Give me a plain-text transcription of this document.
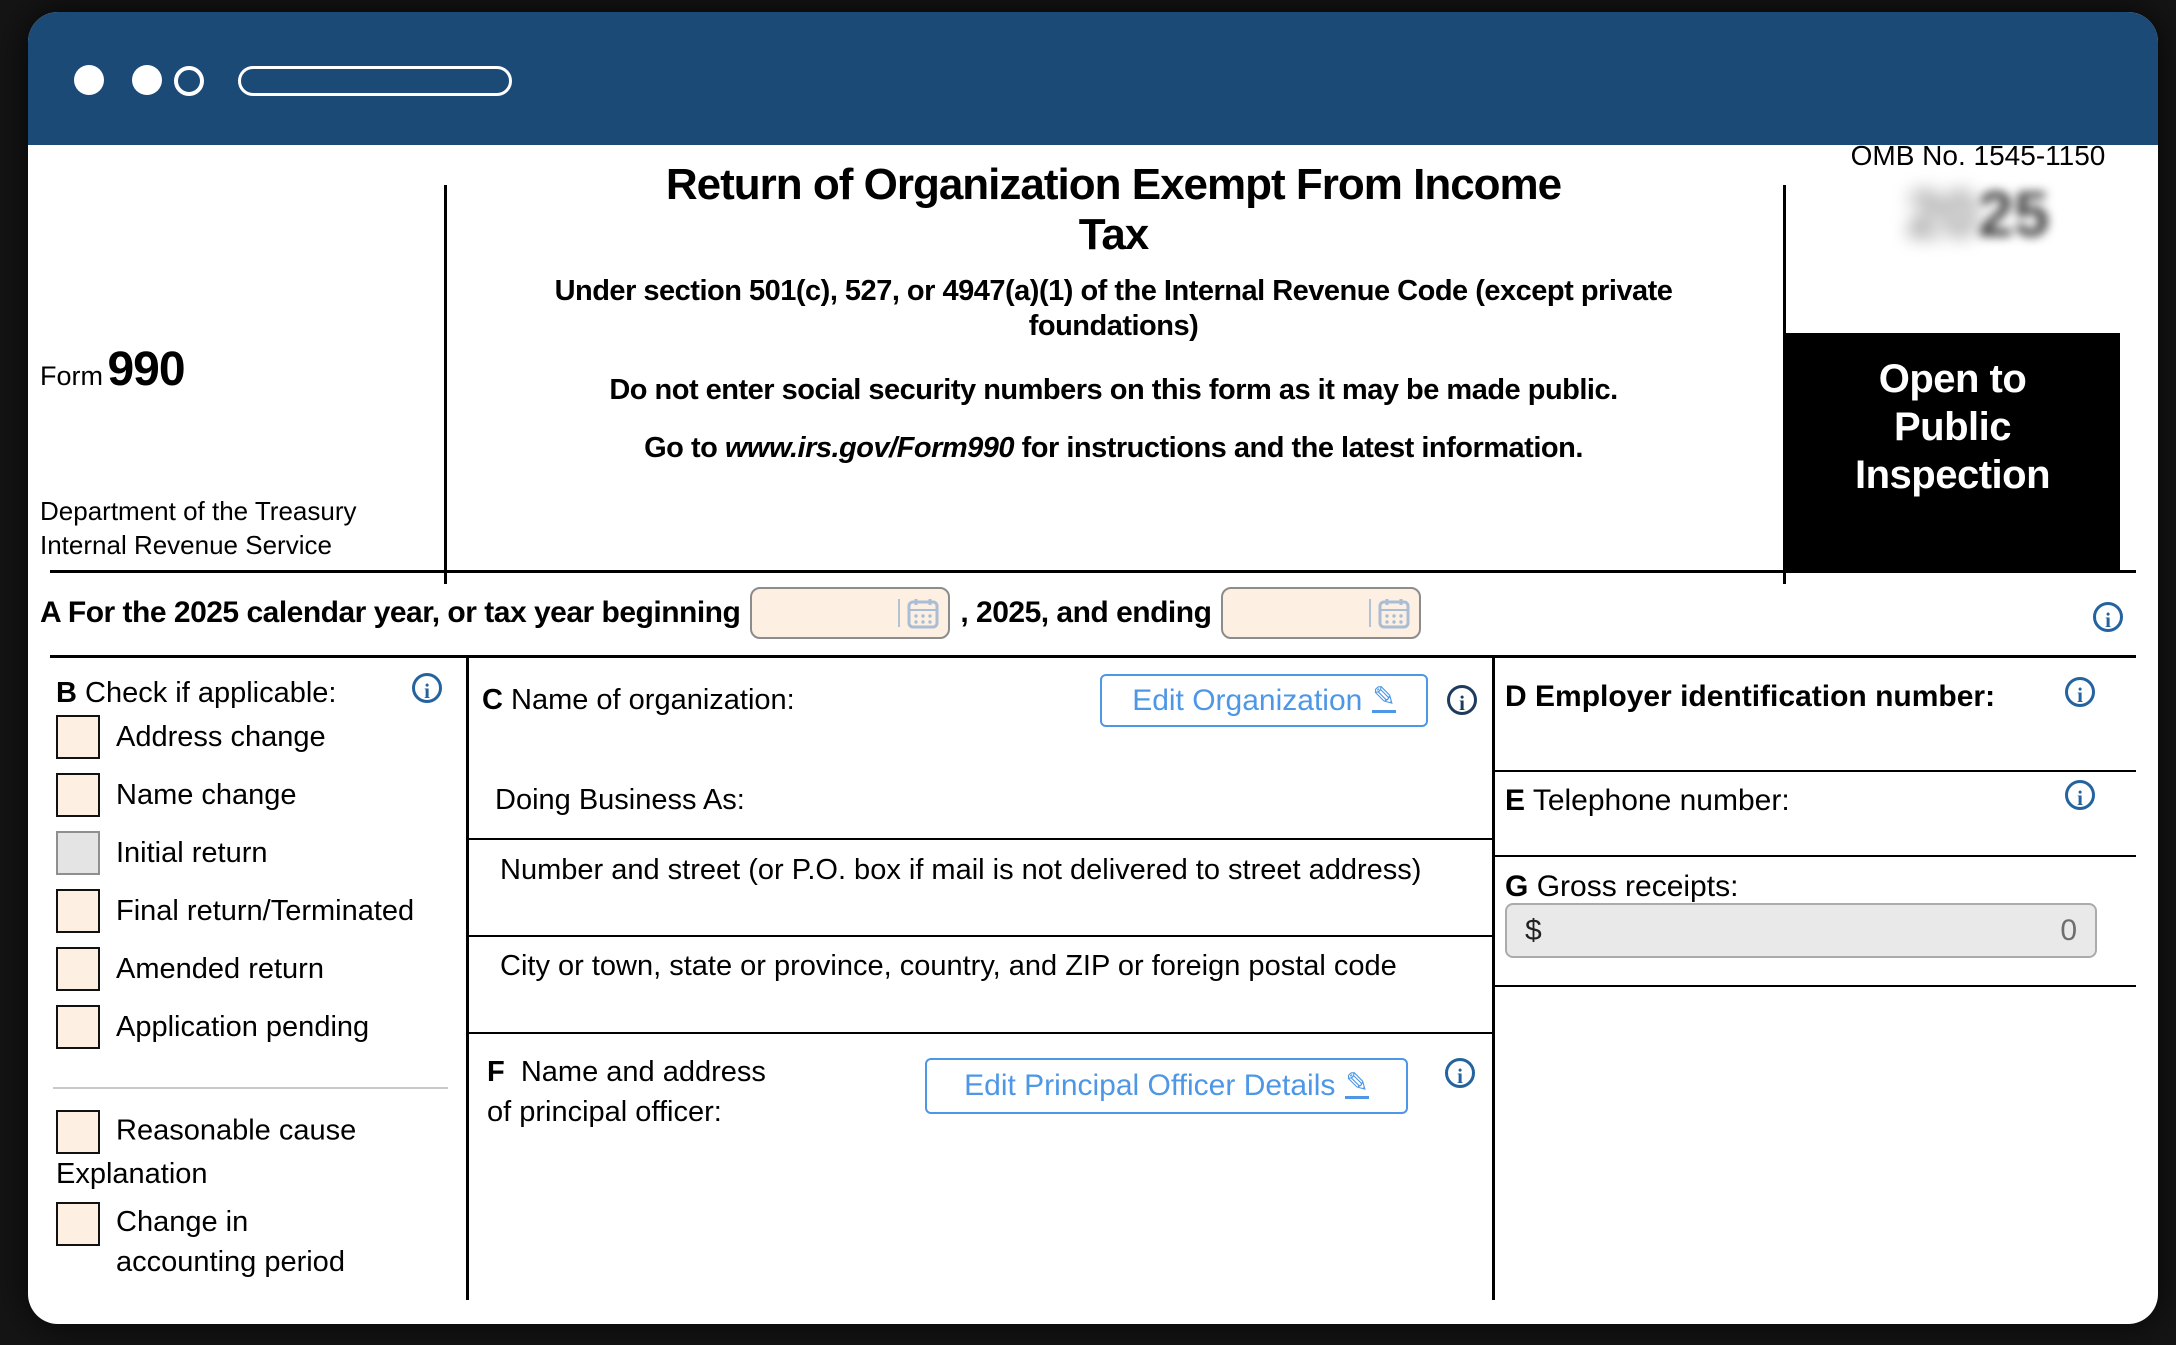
Form 990
Department of the Treasury
Internal Revenue Service
Return of Organization Exempt From Income
Tax
Under section 501(c), 527, or 4947(a)(1) of the Internal Revenue Code (except private foundations)
Do not enter social security numbers on this form as it may be made public.
Go to www.irs.gov/Form990 for instructions and the latest information.
OMB No. 1545-1150
2025
Open to
Public
Inspection
A For the 2025 calendar year, or tax year beginning	, 2025, and ending	i
B Check if applicable:	i
Address change
Name change
Initial return
Final return/Terminated
Amended return
Application pending
Reasonable cause Explanation
Change in accounting period
C Name of organization:	Edit Organization ✎	i
Doing Business As:
Number and street (or P.O. box if mail is not delivered to street address)
City or town, state or province, country, and ZIP or foreign postal code
F Name and address of principal officer:
Edit Principal Officer Details ✎	i
D Employer identification number:	i
E Telephone number:	i
G Gross receipts:
$	0
